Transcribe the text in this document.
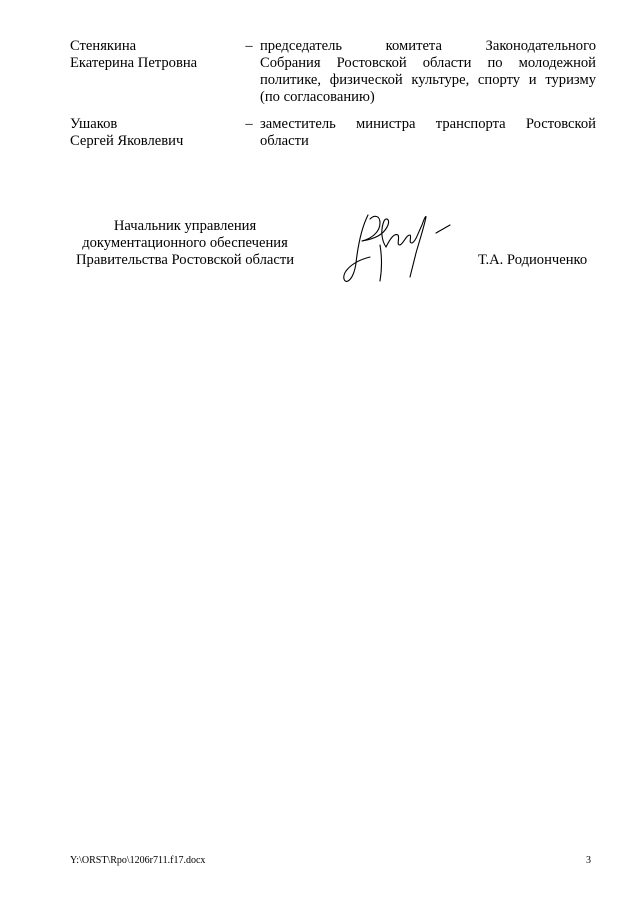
Стенякина
Екатерина Петровна
– председатель комитета Законодательного
Собрания Ростовской области по молодежной
политике, физической культуре, спорту и туризму
(по согласованию)
Ушаков
Сергей Яковлевич
– заместитель министра транспорта Ростовской
области
Начальник управления
документационного обеспечения
Правительства Ростовской области	Т.А. Родионченко
Y:\ORST\Rpo\1206r711.f17.docx	3
